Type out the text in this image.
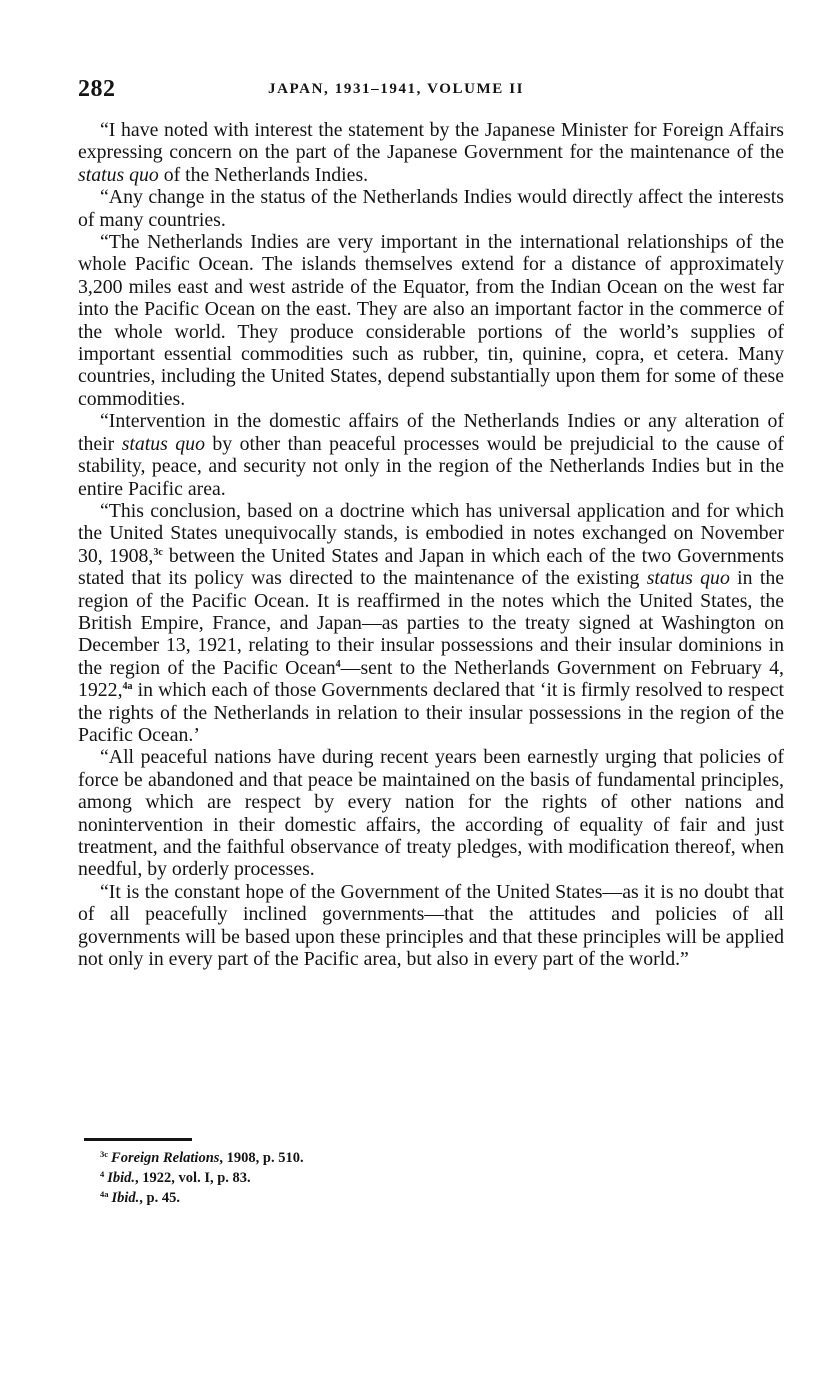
282	JAPAN, 1931–1941, VOLUME II

“I have noted with interest the statement by the Japanese Minister for Foreign Affairs expressing concern on the part of the Japanese Government for the maintenance of the status quo of the Netherlands Indies.

“Any change in the status of the Netherlands Indies would directly affect the interests of many countries.

“The Netherlands Indies are very important in the international relationships of the whole Pacific Ocean. The islands themselves extend for a distance of approximately 3,200 miles east and west astride of the Equator, from the Indian Ocean on the west far into the Pacific Ocean on the east. They are also an important factor in the commerce of the whole world. They produce considerable portions of the world’s supplies of important essential commodities such as rubber, tin, quinine, copra, et cetera. Many countries, including the United States, depend substantially upon them for some of these commodities.

“Intervention in the domestic affairs of the Netherlands Indies or any alteration of their status quo by other than peaceful processes would be prejudicial to the cause of stability, peace, and security not only in the region of the Netherlands Indies but in the entire Pacific area.

“This conclusion, based on a doctrine which has universal application and for which the United States unequivocally stands, is embodied in notes exchanged on November 30, 1908,$^{3c}$ between the United States and Japan in which each of the two Governments stated that its policy was directed to the maintenance of the existing status quo in the region of the Pacific Ocean. It is reaffirmed in the notes which the United States, the British Empire, France, and Japan—as parties to the treaty signed at Washington on December 13, 1921, relating to their insular possessions and their insular dominions in the region of the Pacific Ocean$^4$—sent to the Netherlands Government on February 4, 1922,$^{4a}$ in which each of those Governments declared that ‘it is firmly resolved to respect the rights of the Netherlands in relation to their insular possessions in the region of the Pacific Ocean.’

“All peaceful nations have during recent years been earnestly urging that policies of force be abandoned and that peace be maintained on the basis of fundamental principles, among which are respect by every nation for the rights of other nations and nonintervention in their domestic affairs, the according of equality of fair and just treatment, and the faithful observance of treaty pledges, with modification thereof, when needful, by orderly processes.

“It is the constant hope of the Government of the United States—as it is no doubt that of all peacefully inclined governments—that the attitudes and policies of all governments will be based upon these principles and that these principles will be applied not only in every part of the Pacific area, but also in every part of the world.”

$^{3c}$ Foreign Relations, 1908, p. 510.

$^4$ Ibid., 1922, vol. I, p. 83.

$^{4a}$ Ibid., p. 45.
